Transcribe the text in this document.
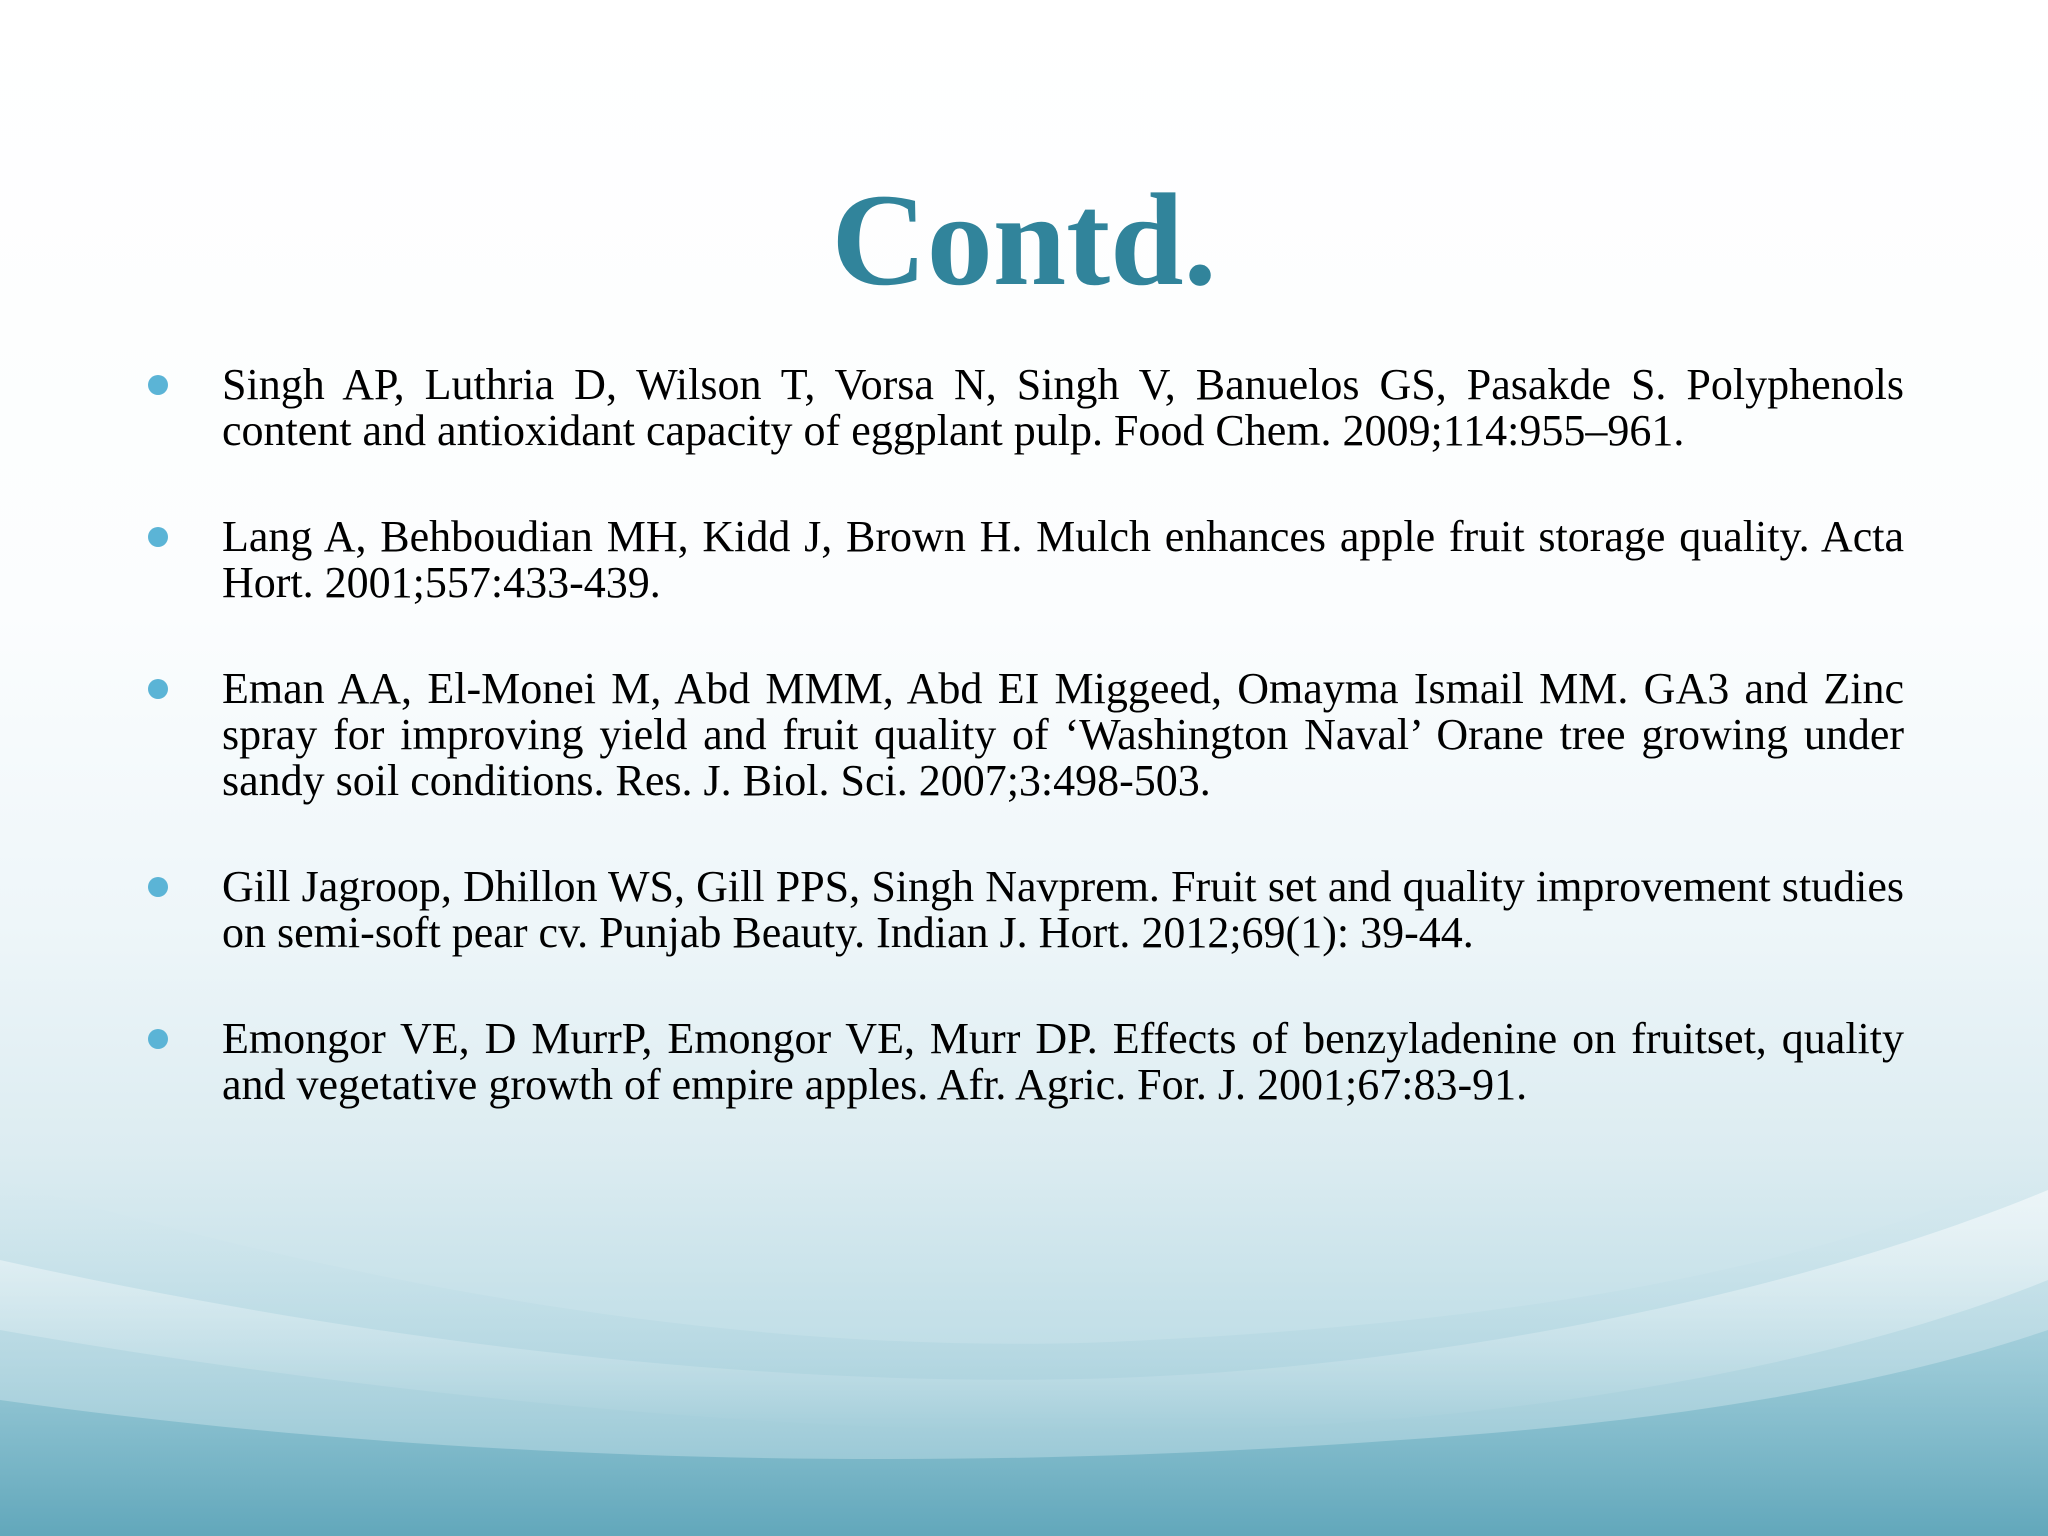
Contd.
Singh AP, Luthria D, Wilson T, Vorsa N, Singh V, Banuelos GS, Pasakde S. Polyphenols content and antioxidant capacity of eggplant pulp. Food Chem. 2009;114:955–961.
Lang A, Behboudian MH, Kidd J, Brown H. Mulch enhances apple fruit storage quality. Acta Hort. 2001;557:433-439.
Eman AA, El-Monei M, Abd MMM, Abd EI Miggeed, Omayma Ismail MM. GA3 and Zinc spray for improving yield and fruit quality of ‘Washington Naval’ Orane tree growing under sandy soil conditions. Res. J. Biol. Sci. 2007;3:498-503.
Gill Jagroop, Dhillon WS, Gill PPS, Singh Navprem. Fruit set and quality improvement studies on semi-soft pear cv. Punjab Beauty. Indian J. Hort. 2012;69(1): 39-44.
Emongor VE, D MurrP, Emongor VE, Murr DP. Effects of benzyladenine on fruitset, quality and vegetative growth of empire apples. Afr. Agric. For. J. 2001;67:83-91.
